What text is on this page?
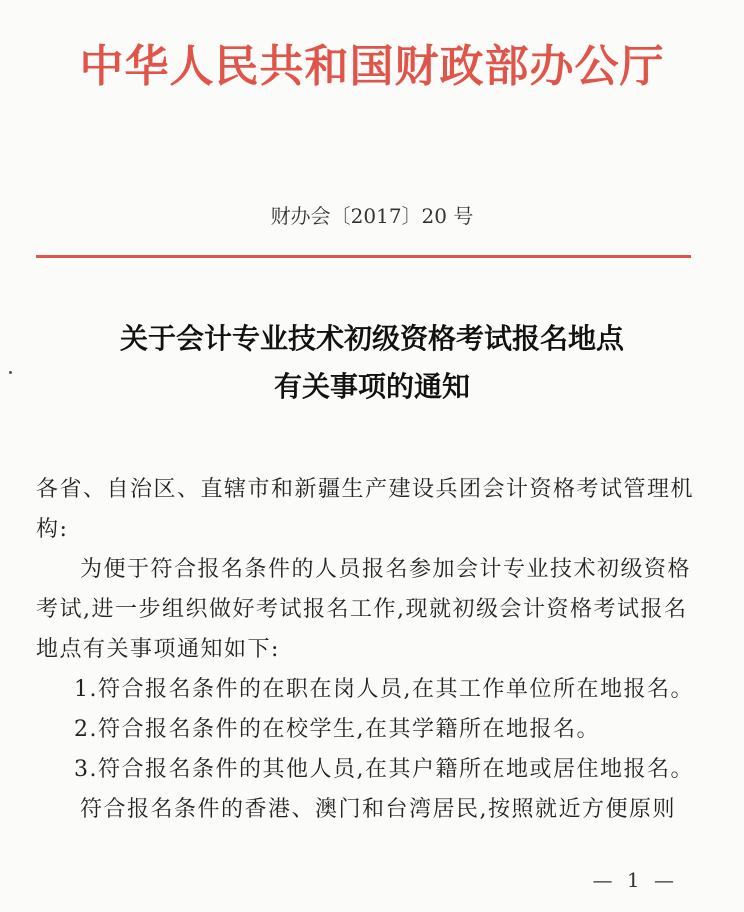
中华人民共和国财政部办公厅
财办会〔2017〕20 号
关于会计专业技术初级资格考试报名地点
有关事项的通知

各省、自治区、直辖市和新疆生产建设兵团会计资格考试管理机构:

为便于符合报名条件的人员报名参加会计专业技术初级资格考试,进一步组织做好考试报名工作,现就初级会计资格考试报名地点有关事项通知如下:

1.符合报名条件的在职在岗人员,在其工作单位所在地报名。

2.符合报名条件的在校学生,在其学籍所在地报名。

3.符合报名条件的其他人员,在其户籍所在地或居住地报名。

符合报名条件的香港、澳门和台湾居民,按照就近方便原则

— 1 —
